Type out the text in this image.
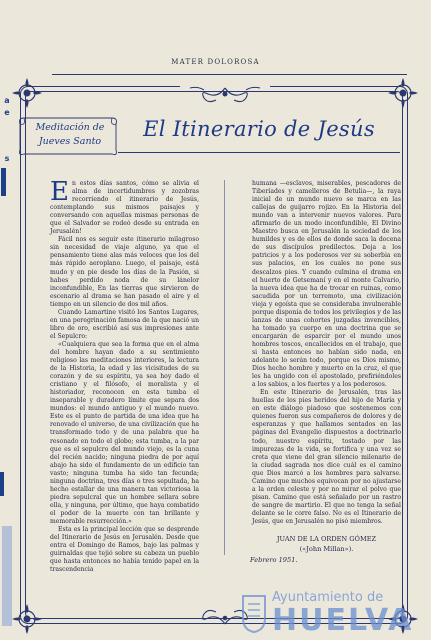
MATER DOLOROSA
a
e
s
Meditación de
Jueves Santo
El Itinerario de Jesús

En estos días santos, cómo se alivia el alma de incertidumbres y zozobras recorriendo el itinerario de Jesús, contemplando sus mismos paisajes y conversando con aquellas mismas personas de que el Salvador se rodeó desde su entrada en Jerusalén!

Fácil nos es seguir este itinerario milagroso sin necesidad de viaje alguno, ya que el pensamiento tiene alas más veloces que los del más rápido aeroplano. Luego, el paisaje, está mudo y en pie desde los días de la Pasión, si habes perdido noda de su lánelor inconfundible, En las tierras que sirvieron de escenario al drama se han pasado el aire y el tiempo en un silencio de dos mil años.

Cuando Lamartine visitó los Santos Lugares, en una peregrinación famosa de la que nació un libro de oro, escribió así sus impresiones ante el Sepulcro:

«Cualquiera que sea la forma que en el alma del hombre hayan dado a su sentimiento religioso las meditaciones interiores, la lectura de la Historia, la edad y las vicisitudes de su corazón y de su espíritu, ya sea hoy dado el cristiano y el filósofo, el moralista y el historiador, reconocen en esta tumba el inseparable y duradero límite que separa dos mundos: el mundo antiguo y el mundo nuevo. Este es el punto de partida de una idea que ha renovado el universo, de una civilización que ha transformado todo y de una palabra que ha resonado en todo el globo; esta tumba, a la par que es el sepulcro del mundo viejo, es la cuna del recién nacido; ninguna piedra de por aquí abajo ha sido el fundamento de un edificio tan vasto; ninguna tumba ha sido tan fecunda; ninguna doctrina, tres días o tres sepultada, ha hecho estallar de una manera tan victoriosa la piedra sepulcral que un hombre sellara sobre ella, y ninguna, por último, que haya combatido el poder de la muerte con tan brillante y memorable resurrección.»

Esta es la principal lección que se desprende del Itinerario de Jesús en Jerusalén. Desde que entra el Domingo de Ramos, bajo las palmas y guirnaldas que tejió sobre su cabeza un pueblo que hasta entonces no había tenido papel en la trascendencia

humana —esclavos, miserables, pescadores de Tiberíades y camelleros de Betulia—, la raya inicial de un mundo nuevo se marca en las callejas de guijarro rojizo. En la Historia del mundo van a intervenir nuevos valores. Para afirmarlo de un modo inconfundible, El Divino Maestro busca en Jerusalén la sociedad de los humildes y es de ellos de donde saca la docena de sus discípulos predilectos. Deja a los patricios y a los poderosos ver su soberbia en sus palacios, en los cuales no pone sus descalzos pies. Y cuando culmina el drama en el huerto de Getsemaní y en el monte Calvario, la nueva idea que ha de trocar en ruinas, como sacudida por un terremoto, una civilización vieja y egoísta que se consideraba invulnerable porque disponía de todos los privilegios y de las lanzas de unas cohortes juzgadas invencibles, ha tomado ya cuerpo en una doctrina que se encargarán de esparcir por el mundo unos hombres toscos, encallecidos en el trabajo, que si hasta entonces no habían sido nada, en adelante lo serán todo, porque es Dios mismo, Dios hecho hombre y muerto en la cruz, el que les ha ungido con el apostolado, prefiriéndoles a los sabios, a los fuertes y a los poderosos.

En este Itinerario de Jerusalén, tras las huellas de los pies heridos del hijo de María y en este diálogo piadoso que sostenemos con quienes fueron sus compañeros de dolores y de esperanzas y que hallamos sentados en las páginas del Evangelio dispuestos a doctrinarlo todo, nuestro espíritu, tostado por las impurezas de la vida, se fortifica y una vez se creta que viene del gran silencio milenario de la ciudad sagrada nos dice cuál es el camino que Dios marcó a los hombres para salvarse. Camino que muchos equivocan por no ajustarse a la orden celeste y por no mirar el polvo que pisan. Camino que está señalado por un rastro de sangre de martirio. El que no tenga la señal delante se le corre falso. No es el Itinerario de Jesús, que en Jerusalén no pisó miembros.

JUAN DE LA ORDEN GÓMEZ
(«John Millan»).
Febrero 1951.
Ayuntamiento de
HUELVA
